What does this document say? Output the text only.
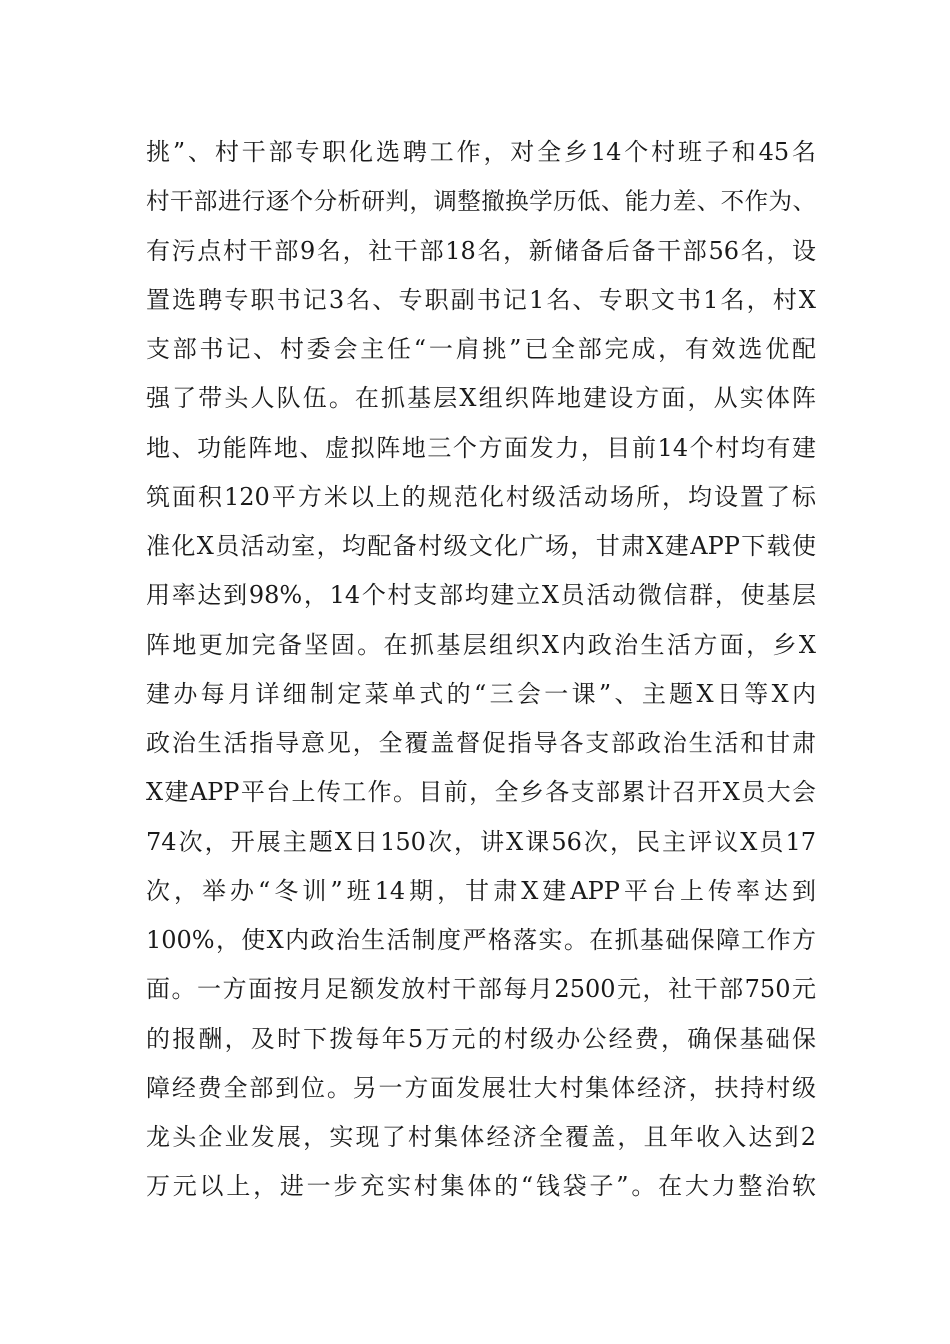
挑”、村干部专职化选聘工作，对全乡14个村班子和45名
村干部进行逐个分析研判，调整撤换学历低、能力差、不作为、
有污点村干部9名，社干部18名，新储备后备干部56名，设
置选聘专职书记3名、专职副书记1名、专职文书1名，村X
支部书记、村委会主任“一肩挑”已全部完成，有效选优配
强了带头人队伍。在抓基层X组织阵地建设方面，从实体阵
地、功能阵地、虚拟阵地三个方面发力，目前14个村均有建
筑面积120平方米以上的规范化村级活动场所，均设置了标
准化X员活动室，均配备村级文化广场，甘肃X建APP下载使
用率达到98%，14个村支部均建立X员活动微信群，使基层
阵地更加完备坚固。在抓基层组织X内政治生活方面，乡X
建办每月详细制定菜单式的“三会一课”、主题X日等X内
政治生活指导意见，全覆盖督促指导各支部政治生活和甘肃
X建APP平台上传工作。目前，全乡各支部累计召开X员大会
74次，开展主题X日150次，讲X课56次，民主评议X员17
次，举办“冬训”班14期，甘肃X建APP平台上传率达到
100%，使X内政治生活制度严格落实。在抓基础保障工作方
面。一方面按月足额发放村干部每月2500元，社干部750元
的报酬，及时下拨每年5万元的村级办公经费，确保基础保
障经费全部到位。另一方面发展壮大村集体经济，扶持村级
龙头企业发展，实现了村集体经济全覆盖，且年收入达到2
万元以上，进一步充实村集体的“钱袋子”。在大力整治软
